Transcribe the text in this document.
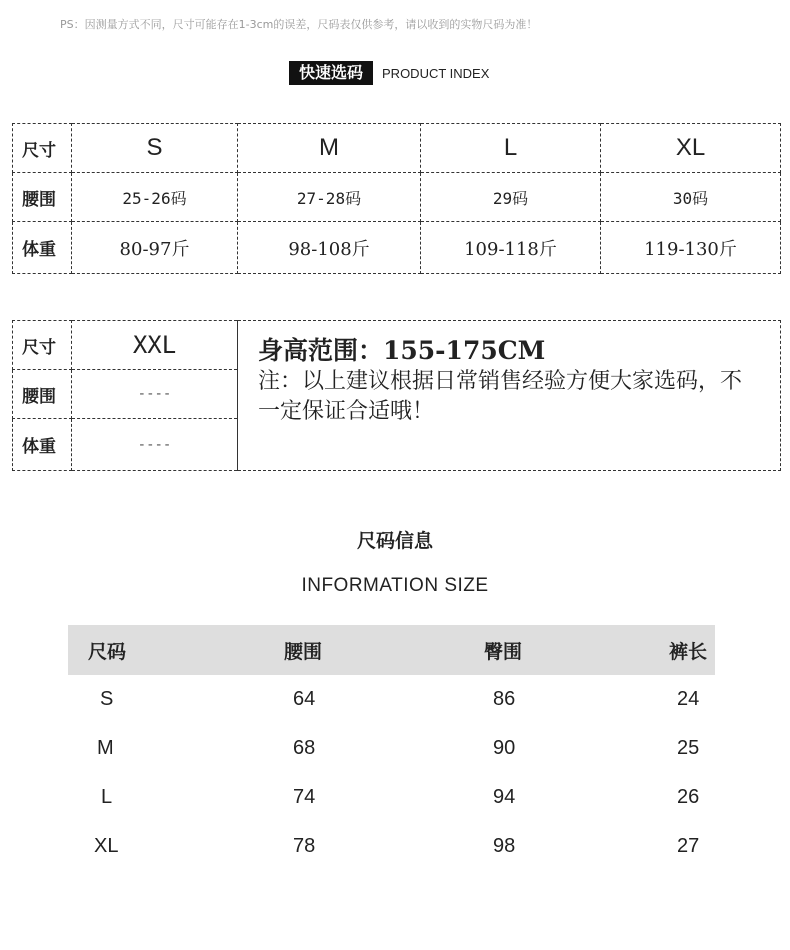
PS：因测量方式不同，尺寸可能存在1-3cm的误差，尺码表仅供参考，请以收到的实物尺码为准！
快速选码	PRODUCT INDEX
尺寸	S	M	L	XL
腰围	25-26码	27-28码	29码	30码
体重	80-97斤	98-108斤	109-118斤	119-130斤
尺寸	XXL	身高范围：155-175CM
注：以上建议根据日常销售经验方便大家选码，不一定保证合适哦！

腰围	----	
体重	----	
尺码信息
INFORMATION SIZE
尺码	腰围	臀围	裤长
S	64	86	24
M	68	90	25
L	74	94	26
XL	78	98	27
